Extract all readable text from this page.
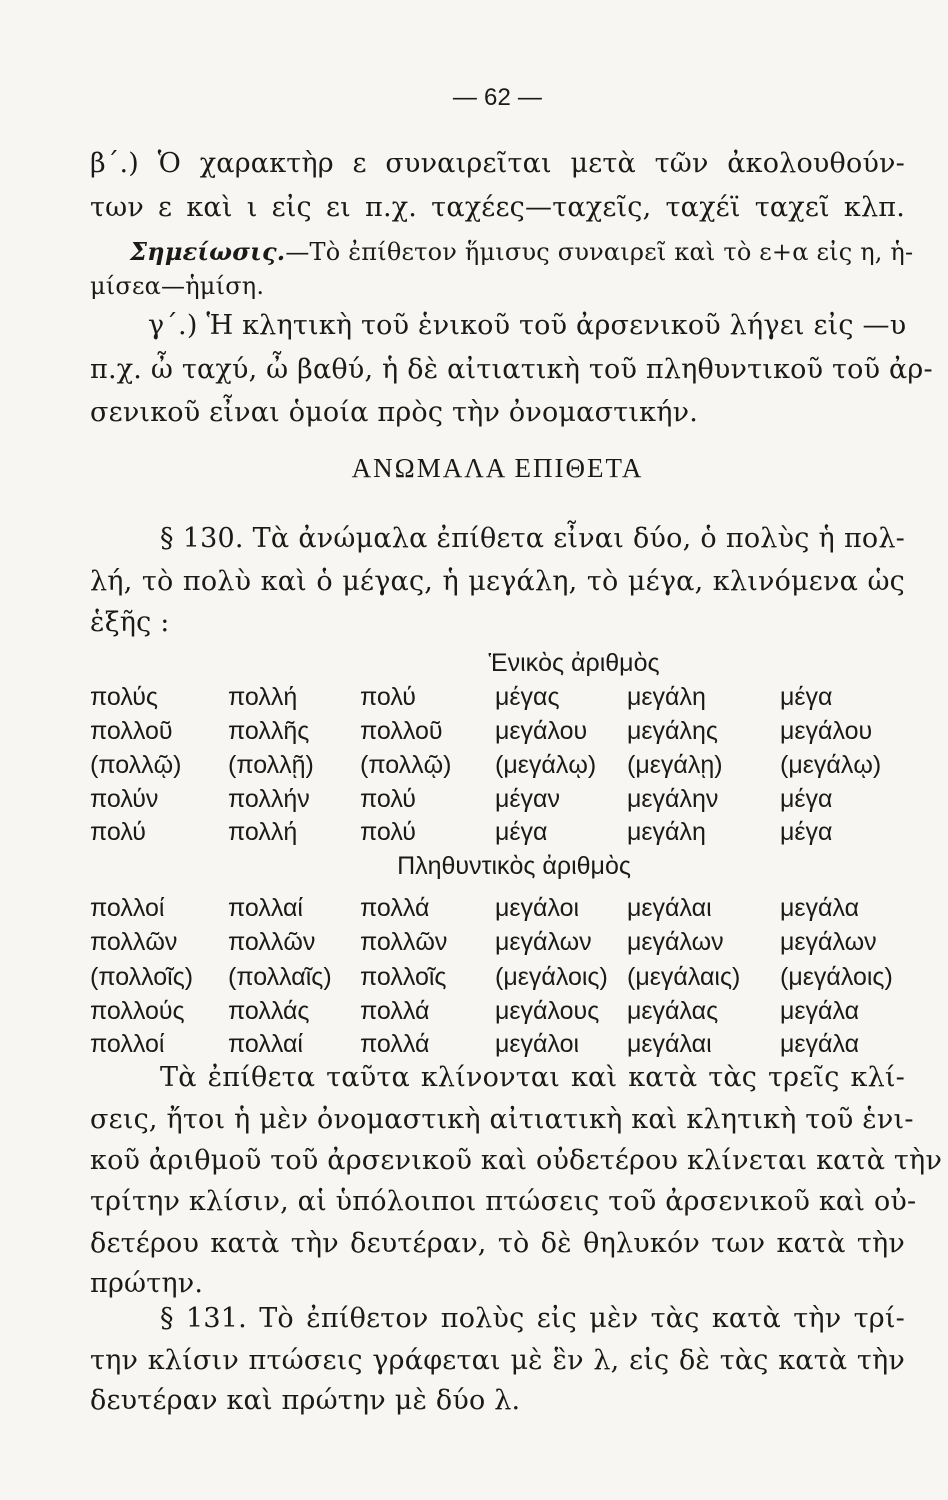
— 62 —
β΄.) Ὁ χαρακτὴρ ε συναιρεῖται μετὰ τῶν ἀκολουθούν-
των ε καὶ ι εἰς ει π.χ. ταχέες—ταχεῖς, ταχέϊ ταχεῖ κλπ.
Σημείωσις.—Τὸ ἐπίθετον ἥμισυς συναιρεῖ καὶ τὸ ε+α εἰς η, ἡ-
μίσεα—ἡμίση.
γ΄.) Ἡ κλητικὴ τοῦ ἑνικοῦ τοῦ ἀρσενικοῦ λήγει εἰς —υ
π.χ. ὦ ταχύ, ὦ βαθύ, ἡ δὲ αἰτιατικὴ τοῦ πληθυντικοῦ τοῦ ἀρ-
σενικοῦ εἶναι ὁμοία πρὸς τὴν ὀνομαστικήν.
ΑΝΩΜΑΛΑ ΕΠΙΘΕΤΑ
§ 130. Τὰ ἀνώμαλα ἐπίθετα εἶναι δύο, ὁ πολὺς ἡ πολ-
λή, τὸ πολὺ καὶ ὁ μέγας, ἡ μεγάλη, τὸ μέγα, κλινόμενα ὡς
ἑξῆς :
Ἑνικὸς ἀριθμὸς
πολύς	πολλή	πολύ	μέγας	μεγάλη	μέγα
πολλοῦ πολλῆς πολλοῦ μεγάλου μεγάλης μεγάλου
(πολλῷ) (πολλῇ) (πολλῷ) (μεγάλῳ) (μεγάλῃ) (μεγάλῳ)
πολύν	πολλήν πολύ	μέγαν	μεγάλην μέγα
πολύ	πολλή	πολύ	μέγα	μεγάλη	μέγα
Πληθυντικὸς ἀριθμὸς
πολλοί	πολλαί πολλά	μεγάλοι μεγάλαι	μεγάλα
πολλῶν πολλῶν πολλῶν μεγάλων μεγάλων μεγάλων
(πολλοῖς) (πολλαῖς) πολλοῖς (μεγάλοις) (μεγάλαις) (μεγάλοις)
πολλούς πολλάς πολλά	μεγάλους μεγάλας μεγάλα
πολλοί	πολλαί πολλά	μεγάλοι μεγάλαι	μεγάλα
Τὰ ἐπίθετα ταῦτα κλίνονται καὶ κατὰ τὰς τρεῖς κλί-
σεις, ἤτοι ἡ μὲν ὀνομαστικὴ αἰτιατικὴ καὶ κλητικὴ τοῦ ἑνι-
κοῦ ἀριθμοῦ τοῦ ἀρσενικοῦ καὶ οὐδετέρου κλίνεται κατὰ τὴν
τρίτην κλίσιν, αἱ ὑπόλοιποι πτώσεις τοῦ ἀρσενικοῦ καὶ οὐ-
δετέρου κατὰ τὴν δευτέραν, τὸ δὲ θηλυκόν των κατὰ τὴν
πρώτην.
§ 131. Τὸ ἐπίθετον πολὺς εἰς μὲν τὰς κατὰ τὴν τρί-
την κλίσιν πτώσεις γράφεται μὲ ἓν λ, εἰς δὲ τὰς κατὰ τὴν
δευτέραν καὶ πρώτην μὲ δύο λ.
